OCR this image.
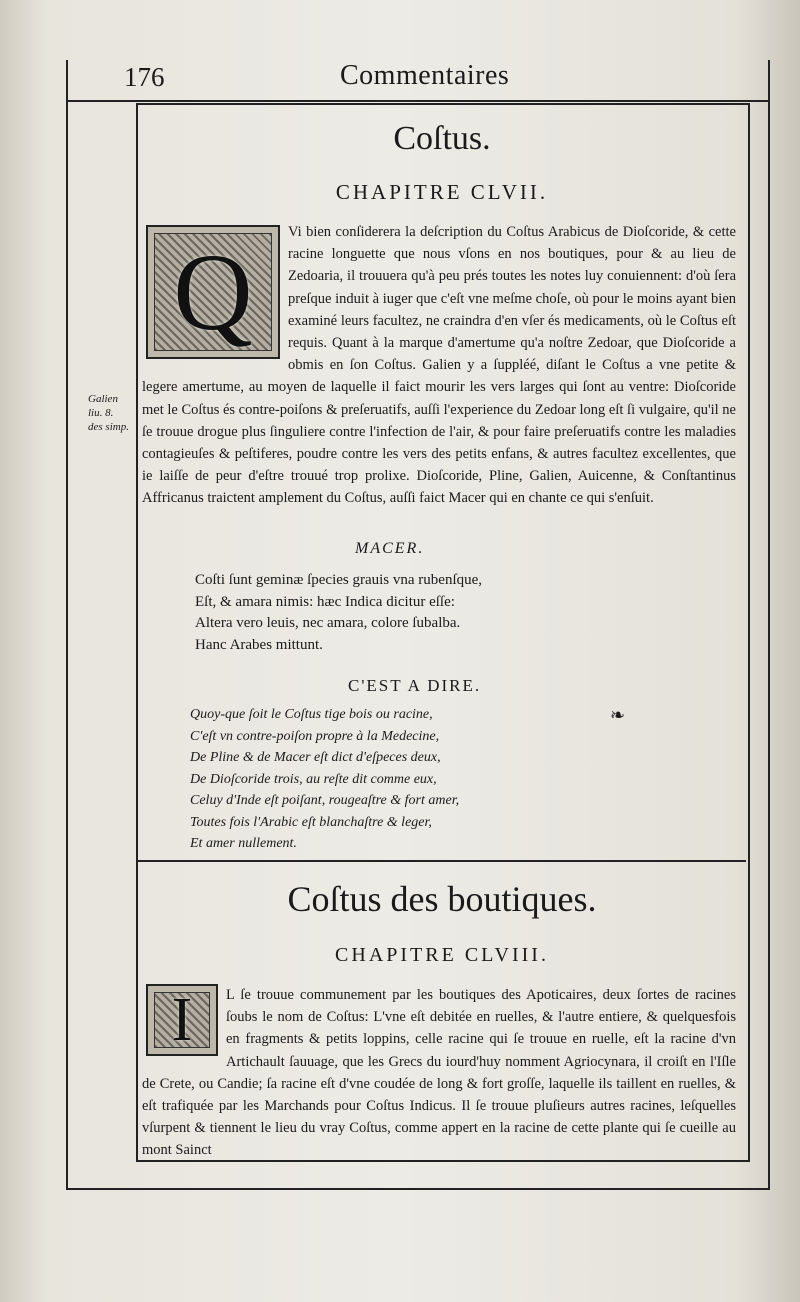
176	Commentaires
Galien
liu. 8.
des simp.
Coſtus.
CHAPITRE CLVII.
Q	Vi bien conſiderera la deſcription du Coſtus Arabicus de Dioſcoride, & cette racine longuette que nous vſons en nos boutiques, pour & au lieu de Zedoaria, il trouuera qu'à peu prés toutes les notes luy conuiennent: d'où ſera preſque induit à iuger que c'eſt vne meſme choſe, où pour le moins ayant bien examiné leurs facultez, ne craindra d'en vſer és medicaments, où le Coſtus eſt requis. Quant à la marque d'amertume qu'a noſtre Zedoar, que Dioſcoride a obmis en ſon Coſtus. Galien y a ſuppléé, diſant le Coſtus a vne petite & legere amertume, au moyen de laquelle il faict mourir les vers larges qui ſont au ventre: Dioſcoride met le Coſtus és contre-poiſons & preſeruatifs, auſſi l'experience du Zedoar long eſt ſi vulgaire, qu'il ne ſe trouue drogue plus ſinguliere contre l'infection de l'air, & pour faire preſeruatifs contre les maladies contagieuſes & peſtiferes, poudre contre les vers des petits enfans, & autres facultez excellentes, que ie laiſſe de peur d'eſtre trouué trop prolixe. Dioſcoride, Pline, Galien, Auicenne, & Conſtantinus Affricanus traictent amplement du Coſtus, auſſi faict Macer qui en chante ce qui s'enſuit.
MACER.
Coſti ſunt geminæ ſpecies grauis vna rubenſque,
Eſt, & amara nimis: hæc Indica dicitur eſſe:
Altera vero leuis, nec amara, colore ſubalba.
Hanc Arabes mittunt.
C'EST A DIRE.
❧
Quoy-que ſoit le Coſtus tige bois ou racine,
C'eſt vn contre-poiſon propre à la Medecine,
De Pline & de Macer eſt dict d'eſpeces deux,
De Dioſcoride trois, au reſte dit comme eux,
Celuy d'Inde eſt poiſant, rougeaſtre & fort amer,
Toutes fois l'Arabic eſt blanchaſtre & leger,
Et amer nullement.
Coſtus des boutiques.
CHAPITRE CLVIII.
I	L ſe trouue communement par les boutiques des Apoticaires, deux ſortes de racines ſoubs le nom de Coſtus: L'vne eſt debitée en ruelles, & l'autre entiere, & quelquesfois en fragments & petits loppins, celle racine qui ſe trouue en ruelle, eſt la racine d'vn Artichault ſauuage, que les Grecs du iourd'huy nomment Agriocynara, il croiſt en l'Iſle de Crete, ou Candie; ſa racine eſt d'vne coudée de long & fort groſſe, laquelle ils taillent en ruelles, & eſt trafiquée par les Marchands pour Coſtus Indicus. Il ſe trouue pluſieurs autres racines, leſquelles vſurpent & tiennent le lieu du vray Coſtus, comme appert en la racine de cette plante qui ſe cueille au mont Sainct
